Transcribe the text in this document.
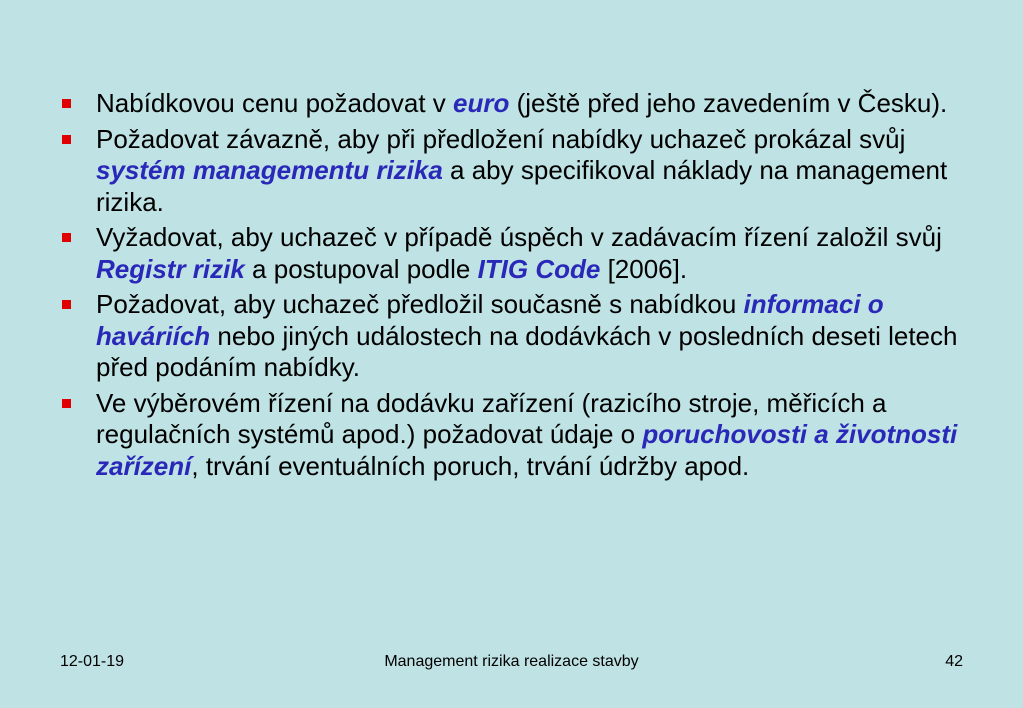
Nabídkovou cenu požadovat v euro (ještě před jeho zavedením v Česku).
Požadovat závazně, aby při předložení nabídky uchazeč prokázal svůj systém managementu rizika a aby specifikoval náklady na management rizika.
Vyžadovat, aby uchazeč v případě úspěch v zadávacím řízení založil svůj Registr rizik a postupoval podle ITIG Code [2006].
Požadovat, aby uchazeč předložil současně s nabídkou informaci o haváriích nebo jiných událostech na dodávkách v posledních deseti letech před podáním nabídky.
Ve výběrovém řízení na dodávku zařízení (razicího stroje, měřicích a regulačních systémů apod.) požadovat údaje o poruchovosti a životnosti zařízení, trvání eventuálních poruch, trvání údržby apod.
12-01-19	Management rizika realizace stavby	42
